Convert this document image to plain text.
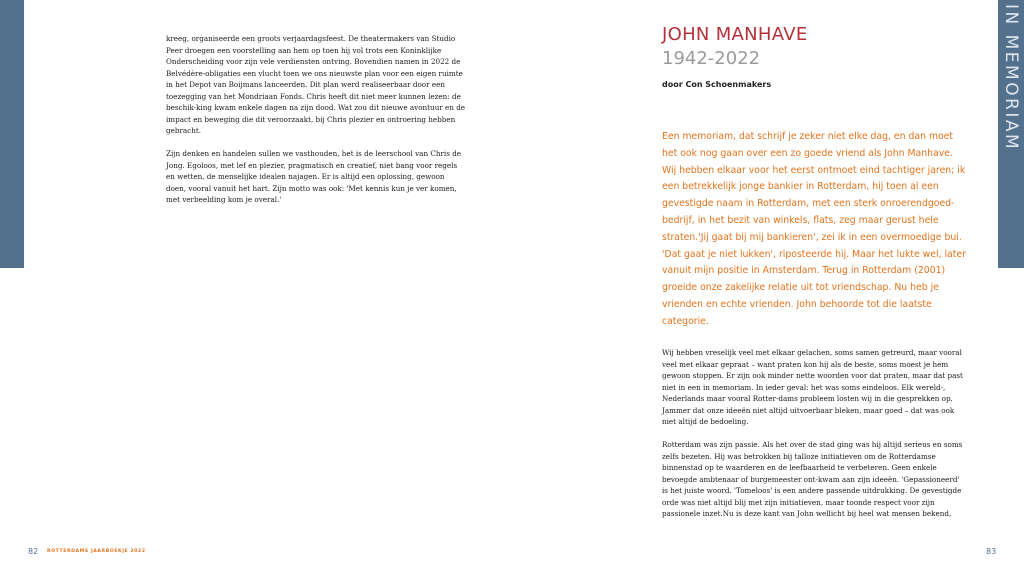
kreeg, organiseerde een groots verjaardagsfeest. De theatermakers van Studio Peer droegen een voorstelling aan hem op toen hij vol trots een Koninklijke Onderscheiding voor zijn vele verdiensten ontving. Bovendien namen in 2022 de Belvédère-obligaties een vlucht toen we ons nieuwste plan voor een eigen ruimte in het Depot van Boijmans lanceerden. Dit plan werd realiseerbaar door een toezegging van het Mondriaan Fonds. Chris heeft dit niet meer kunnen lezen: de beschik-king kwam enkele dagen na zijn dood. Wat zou dit nieuwe avontuur en de impact en beweging die dit veroorzaakt, bij Chris plezier en ontroering hebben gebracht.

Zijn denken en handelen sullen we vasthouden, het is de leerschool van Chris de Jong. Egoloos, met lef en plezier, pragmatisch en creatief, niet bang voor regels en wetten, de menselijke idealen najagen. Er is altijd een oplossing, gewoon doen, vooral vanuit het hart. Zijn motto was ook: 'Met kennis kun je ver komen, met verbeelding kom je overal.'

82 ROTTERDAMS JAARBOEKJE 2022
IN MEMORIAM
JOHN MANHAVE
1942-2022
door Con Schoenmakers

Een memoriam, dat schrijf je zeker niet elke dag, en dan moet het ook nog gaan over een zo goede vriend als John Manhave. Wij hebben elkaar voor het eerst ontmoet eind tachtiger jaren; ik een betrekkelijk jonge bankier in Rotterdam, hij toen al een gevestigde naam in Rotterdam, met een sterk onroerendgoed-bedrijf, in het bezit van winkels, flats, zeg maar gerust hele straten.'Jij gaat bij mij bankieren', zei ik in een overmoedige bui. 'Dat gaat je niet lukken', riposteerde hij. Maar het lukte wel, later vanuit mijn positie in Amsterdam. Terug in Rotterdam (2001) groeide onze zakelijke relatie uit tot vriendschap. Nu heb je vrienden en echte vrienden. John behoorde tot die laatste categorie.

Wij hebben vreselijk veel met elkaar gelachen, soms samen getreurd, maar vooral veel met elkaar gepraat – want praten kon hij als de beste, soms moest je hem gewoon stoppen. Er zijn ook minder nette woorden voor dat praten, maar dat past niet in een in memoriam. In ieder geval: het was soms eindeloos. Elk wereld-, Nederlands maar vooral Rotter-dams probleem losten wij in die gesprekken op. Jammer dat onze ideeën niet altijd uitvoerbaar bleken, maar goed – dat was ook niet altijd de bedoeling.

Rotterdam was zijn passie. Als het over de stad ging was hij altijd serieus en soms zelfs bezeten. Hij was betrokken bij talloze initiatieven om de Rotterdamse binnenstad op te waarderen en de leefbaarheid te verbeteren. Geen enkele bevoegde ambtenaar of burgemeester ont-kwam aan zijn ideeën. 'Gepassioneerd' is het juiste woord. 'Tomeloos' is een andere passende uitdrukking. De gevestigde orde was niet altijd blij met zijn initiatieven, maar toonde respect voor zijn passionele inzet.Nu is deze kant van John wellicht bij heel wat mensen bekend,

83
